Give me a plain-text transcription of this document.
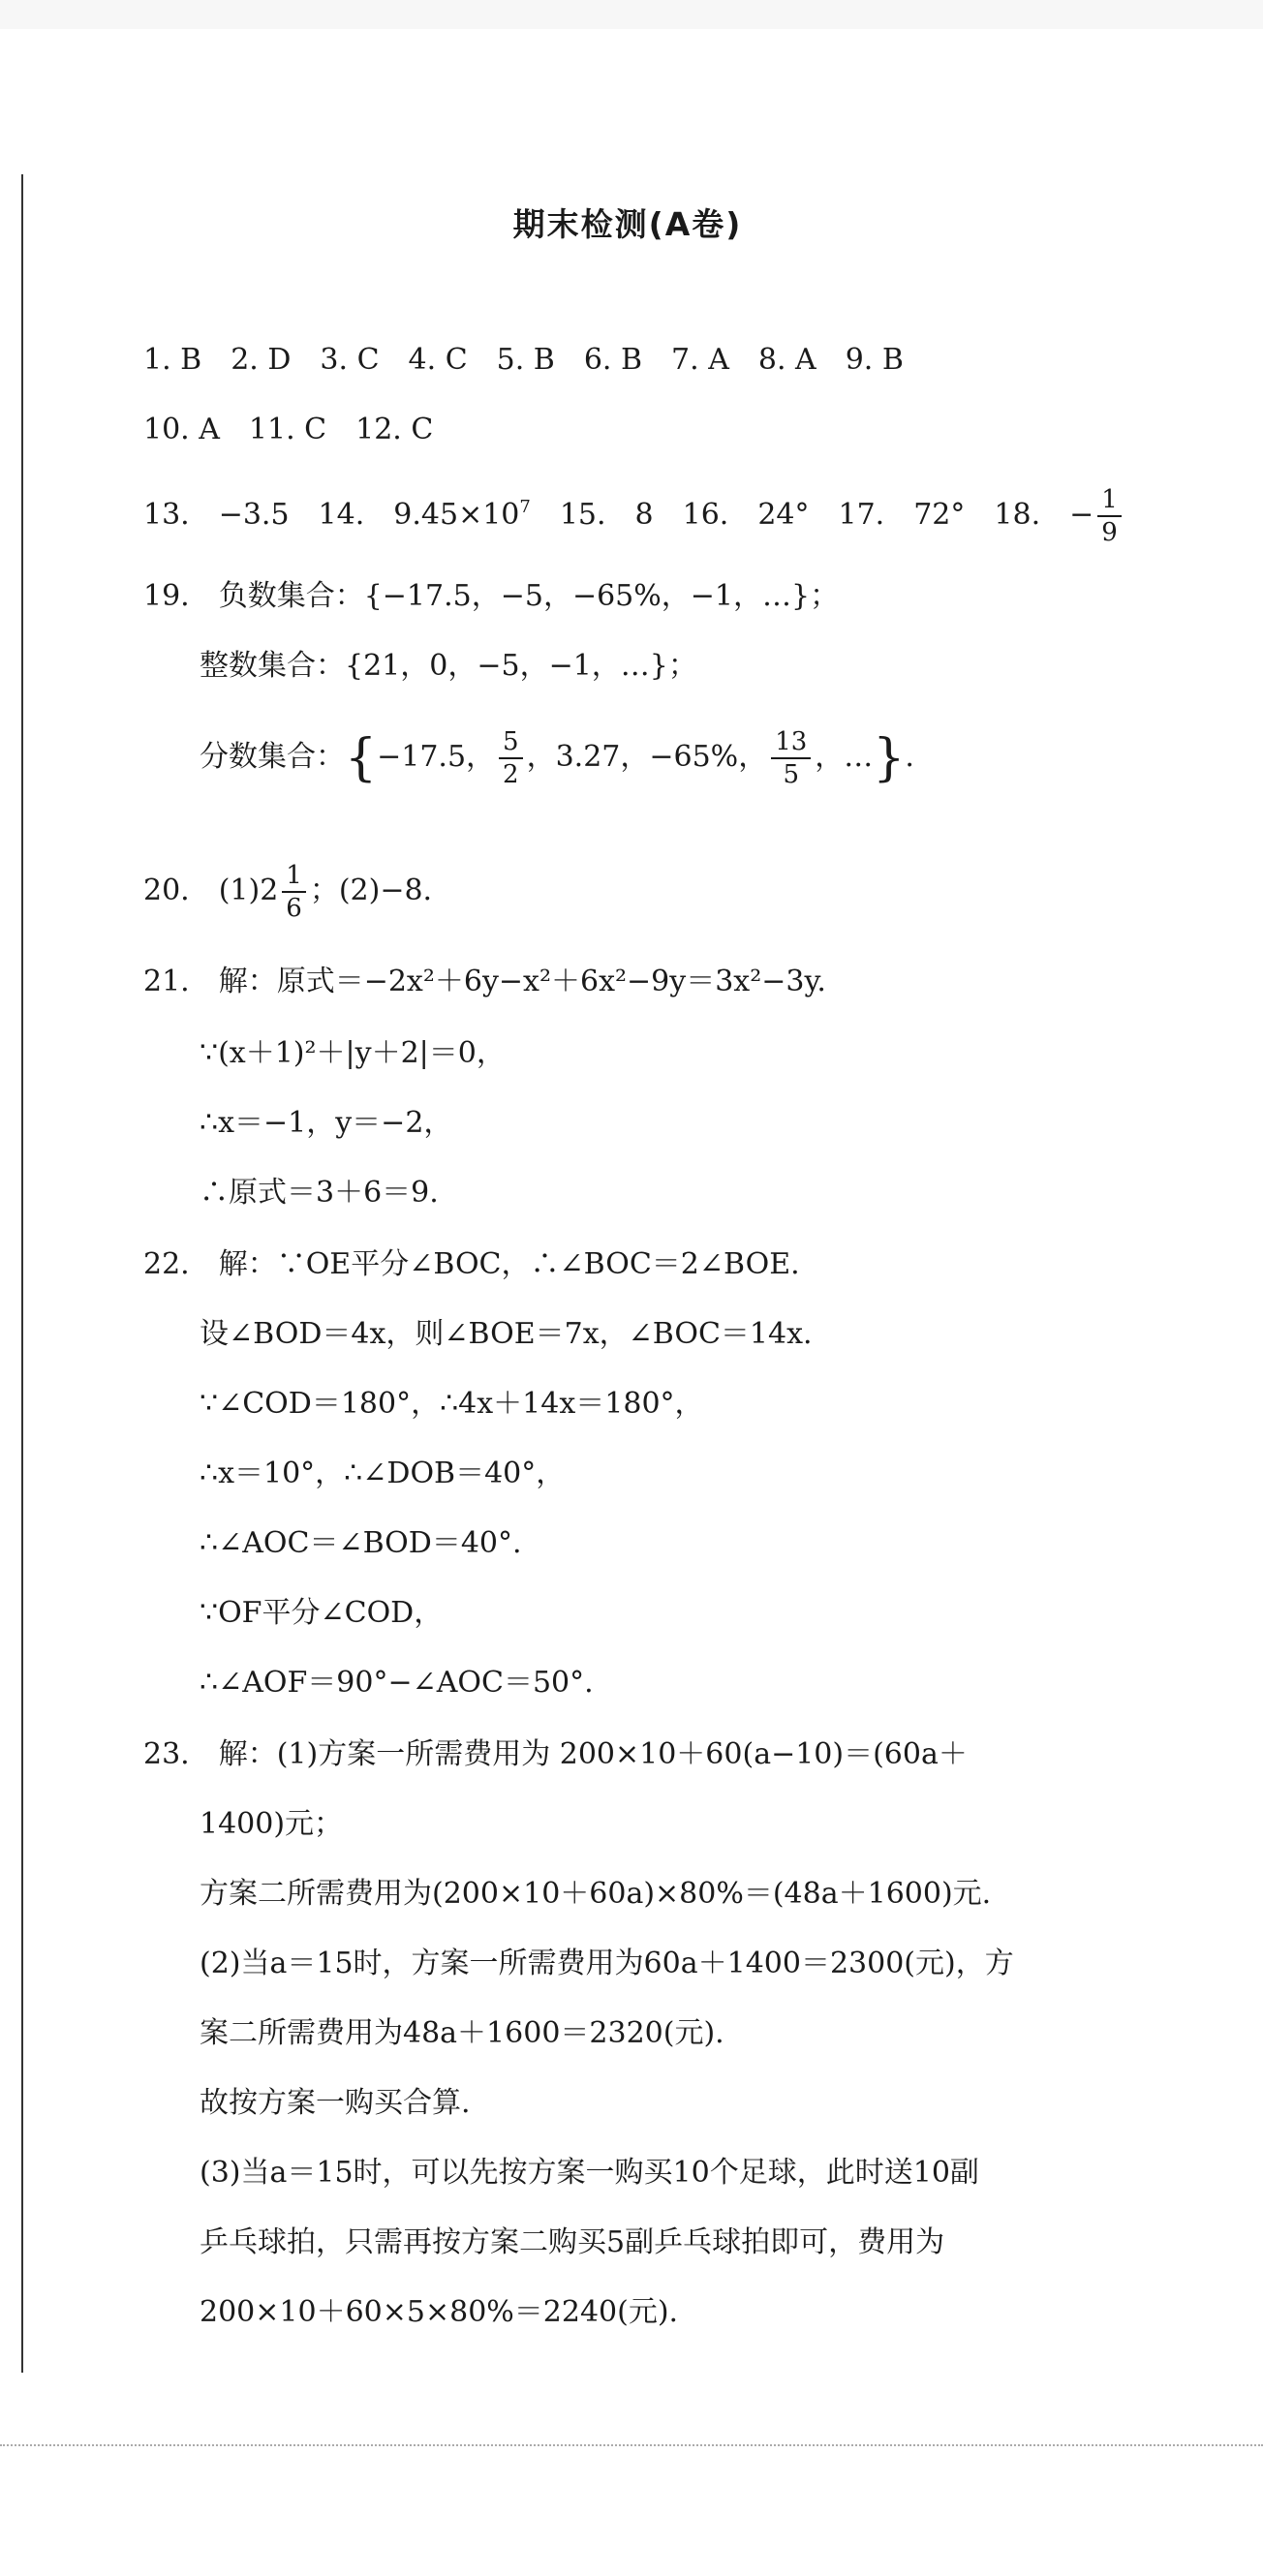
期末检测(A卷)
1. B　2. D　3. C　4. C　5. B　6. B　7. A　8. A　9. B
10. A　11. C　12. C
13.　−3.5　14.　$9.45\times 10^7$　15.　8　16.　24°　17.　72°　18.　− $\frac{1}{9}$
19.　负数集合：{−17.5，−5，−65%，−1，…}；
整数集合：{21，0，−5，−1，…}；
分数集合：{−17.5， $\frac{5}{2}$ ，3.27，−65%， $\frac{13}{5}$ ，…}.
20.　$(1)2 \frac{1}{6}$ ；(2)−8.
21.　解：原式＝−2x²＋6y−x²＋6x²−9y＝3x²−3y.
∵(x＋1)²＋|y＋2|＝0，
∴x＝−1，y＝−2，
∴原式＝3＋6＝9.
22.　解：∵OE平分∠BOC，∴∠BOC＝2∠BOE.
设∠BOD＝4x，则∠BOE＝7x，∠BOC＝14x.
∵∠COD＝180°，∴4x＋14x＝180°，
∴x＝10°，∴∠DOB＝40°，
∴∠AOC＝∠BOD＝40°.
∵OF平分∠COD，
∴∠AOF＝90°−∠AOC＝50°.
23.　解：(1)方案一所需费用为 200×10＋60(a−10)＝(60a＋
1400)元；
方案二所需费用为(200×10＋60a)×80%＝(48a＋1600)元.
(2)当a＝15时，方案一所需费用为60a＋1400＝2300(元)，方
案二所需费用为48a＋1600＝2320(元).
故按方案一购买合算.
(3)当a＝15时，可以先按方案一购买10个足球，此时送10副
乒乓球拍，只需再按方案二购买5副乒乓球拍即可，费用为
200×10＋60×5×80%＝2240(元).
